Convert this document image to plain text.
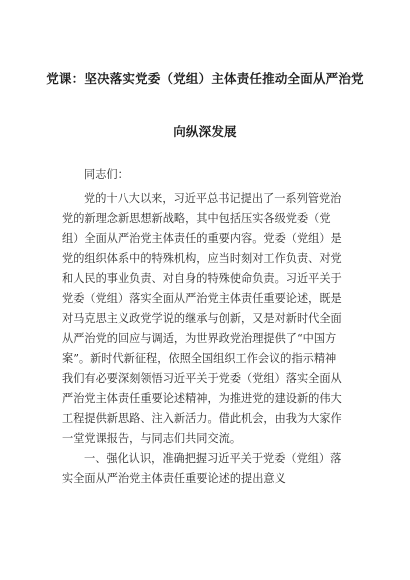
党课：坚决落实党委（党组）主体责任推动全面从严治党
向纵深发展
同志们：
党的十八大以来，习近平总书记提出了一系列管党治
党的新理念新思想新战略，其中包括压实各级党委（党
组）全面从严治党主体责任的重要内容。党委（党组）是
党的组织体系中的特殊机构，应当时刻对工作负责、对党
和人民的事业负责、对自身的特殊使命负责。习近平关于
党委（党组）落实全面从严治党主体责任重要论述，既是
对马克思主义政党学说的继承与创新，又是对新时代全面
从严治党的回应与调适，为世界政党治理提供了“中国方
案”。新时代新征程，依照全国组织工作会议的指示精神
我们有必要深刻领悟习近平关于党委（党组）落实全面从
严治党主体责任重要论述精神，为推进党的建设新的伟大
工程提供新思路、注入新活力。借此机会，由我为大家作
一堂党课报告，与同志们共同交流。
一、强化认识，准确把握习近平关于党委（党组）落
实全面从严治党主体责任重要论述的提出意义
